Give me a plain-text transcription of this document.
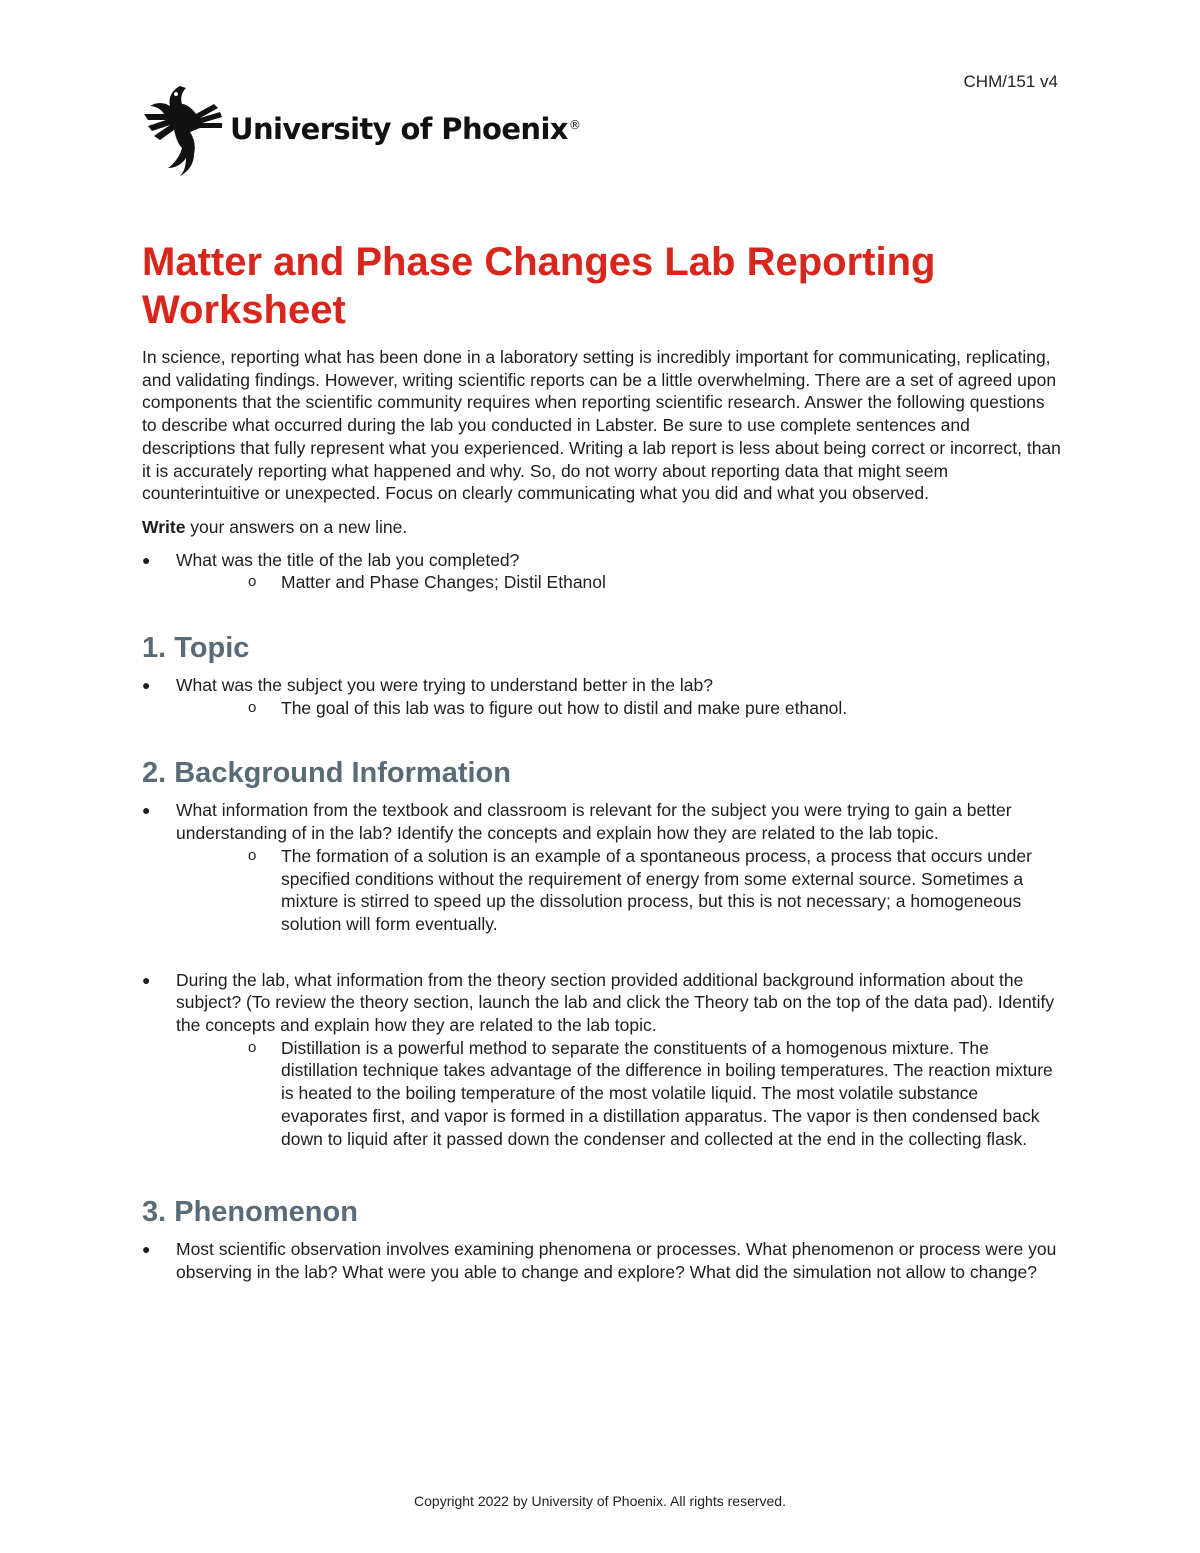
CHM/151 v4
University of Phoenix®
Matter and Phase Changes Lab Reporting Worksheet

In science, reporting what has been done in a laboratory setting is incredibly important for communicating, replicating, and validating findings. However, writing scientific reports can be a little overwhelming. There are a set of agreed upon components that the scientific community requires when reporting scientific research. Answer the following questions to describe what occurred during the lab you conducted in Labster. Be sure to use complete sentences and descriptions that fully represent what you experienced. Writing a lab report is less about being correct or incorrect, than it is accurately reporting what happened and why. So, do not worry about reporting data that might seem counterintuitive or unexpected. Focus on clearly communicating what you did and what you observed.

Write your answers on a new line.

● What was the title of the lab you completed?
o Matter and Phase Changes; Distil Ethanol
1. Topic
● What was the subject you were trying to understand better in the lab?
o The goal of this lab was to figure out how to distil and make pure ethanol.
2. Background Information
● What information from the textbook and classroom is relevant for the subject you were trying to gain a better understanding of in the lab? Identify the concepts and explain how they are related to the lab topic.
o The formation of a solution is an example of a spontaneous process, a process that occurs under specified conditions without the requirement of energy from some external source. Sometimes a mixture is stirred to speed up the dissolution process, but this is not necessary; a homogeneous solution will form eventually.
● During the lab, what information from the theory section provided additional background information about the subject? (To review the theory section, launch the lab and click the Theory tab on the top of the data pad). Identify the concepts and explain how they are related to the lab topic.
o Distillation is a powerful method to separate the constituents of a homogenous mixture. The distillation technique takes advantage of the difference in boiling temperatures. The reaction mixture is heated to the boiling temperature of the most volatile liquid. The most volatile substance evaporates first, and vapor is formed in a distillation apparatus. The vapor is then condensed back down to liquid after it passed down the condenser and collected at the end in the collecting flask.
3. Phenomenon
● Most scientific observation involves examining phenomena or processes. What phenomenon or process were you observing in the lab? What were you able to change and explore? What did the simulation not allow to change?
Copyright 2022 by University of Phoenix. All rights reserved.
